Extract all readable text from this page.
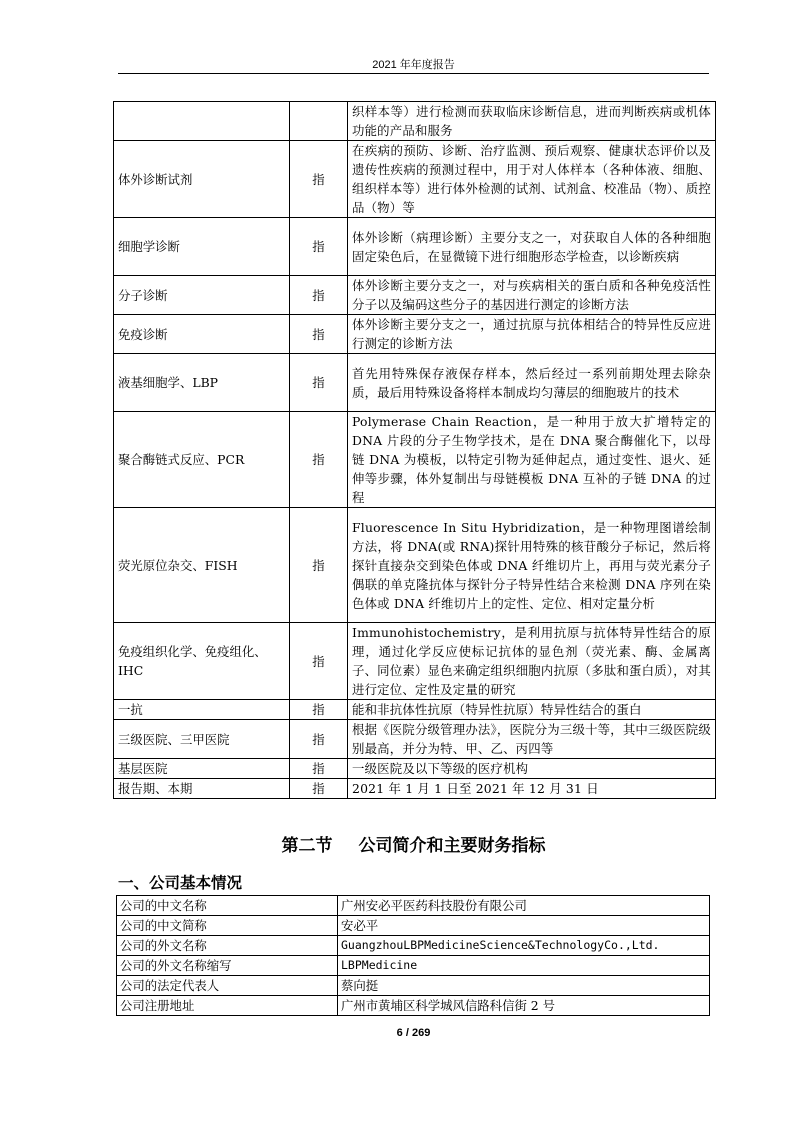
2021 年年度报告
		织样本等）进行检测而获取临床诊断信息，进而判断疾病或机体功能的产品和服务
体外诊断试剂	指	在疾病的预防、诊断、治疗监测、预后观察、健康状态评价以及遗传性疾病的预测过程中，用于对人体样本（各种体液、细胞、组织样本等）进行体外检测的试剂、试剂盒、校准品（物）、质控品（物）等
细胞学诊断	指	体外诊断（病理诊断）主要分支之一，对获取自人体的各种细胞固定染色后，在显微镜下进行细胞形态学检查，以诊断疾病
分子诊断	指	体外诊断主要分支之一，对与疾病相关的蛋白质和各种免疫活性分子以及编码这些分子的基因进行测定的诊断方法
免疫诊断	指	体外诊断主要分支之一，通过抗原与抗体相结合的特异性反应进行测定的诊断方法
液基细胞学、LBP	指	首先用特殊保存液保存样本，然后经过一系列前期处理去除杂质，最后用特殊设备将样本制成均匀薄层的细胞玻片的技术
聚合酶链式反应、PCR	指	Polymerase Chain Reaction，是一种用于放大扩增特定的 DNA 片段的分子生物学技术，是在 DNA 聚合酶催化下，以母链 DNA 为模板，以特定引物为延伸起点，通过变性、退火、延伸等步骤，体外复制出与母链模板 DNA 互补的子链 DNA 的过程
荧光原位杂交、FISH	指	Fluorescence In Situ Hybridization，是一种物理图谱绘制方法，将 DNA(或 RNA)探针用特殊的核苷酸分子标记，然后将探针直接杂交到染色体或 DNA 纤维切片上，再用与荧光素分子偶联的单克隆抗体与探针分子特异性结合来检测 DNA 序列在染色体或 DNA 纤维切片上的定性、定位、相对定量分析
免疫组织化学、免疫组化、IHC	指	Immunohistochemistry，是利用抗原与抗体特异性结合的原理，通过化学反应使标记抗体的显色剂（荧光素、酶、金属离子、同位素）显色来确定组织细胞内抗原（多肽和蛋白质），对其进行定位、定性及定量的研究
一抗	指	能和非抗体性抗原（特异性抗原）特异性结合的蛋白
三级医院、三甲医院	指	根据《医院分级管理办法》，医院分为三级十等，其中三级医院级别最高，并分为特、甲、乙、丙四等
基层医院	指	一级医院及以下等级的医疗机构
报告期、本期	指	2021 年 1 月 1 日至 2021 年 12 月 31 日
第二节 公司简介和主要财务指标
一、公司基本情况
公司的中文名称	广州安必平医药科技股份有限公司
公司的中文简称	安必平
公司的外文名称	GuangzhouLBPMedicineScience&TechnologyCo.,Ltd.
公司的外文名称缩写	LBPMedicine
公司的法定代表人	蔡向挺
公司注册地址	广州市黄埔区科学城风信路科信街 2 号
6 / 269
